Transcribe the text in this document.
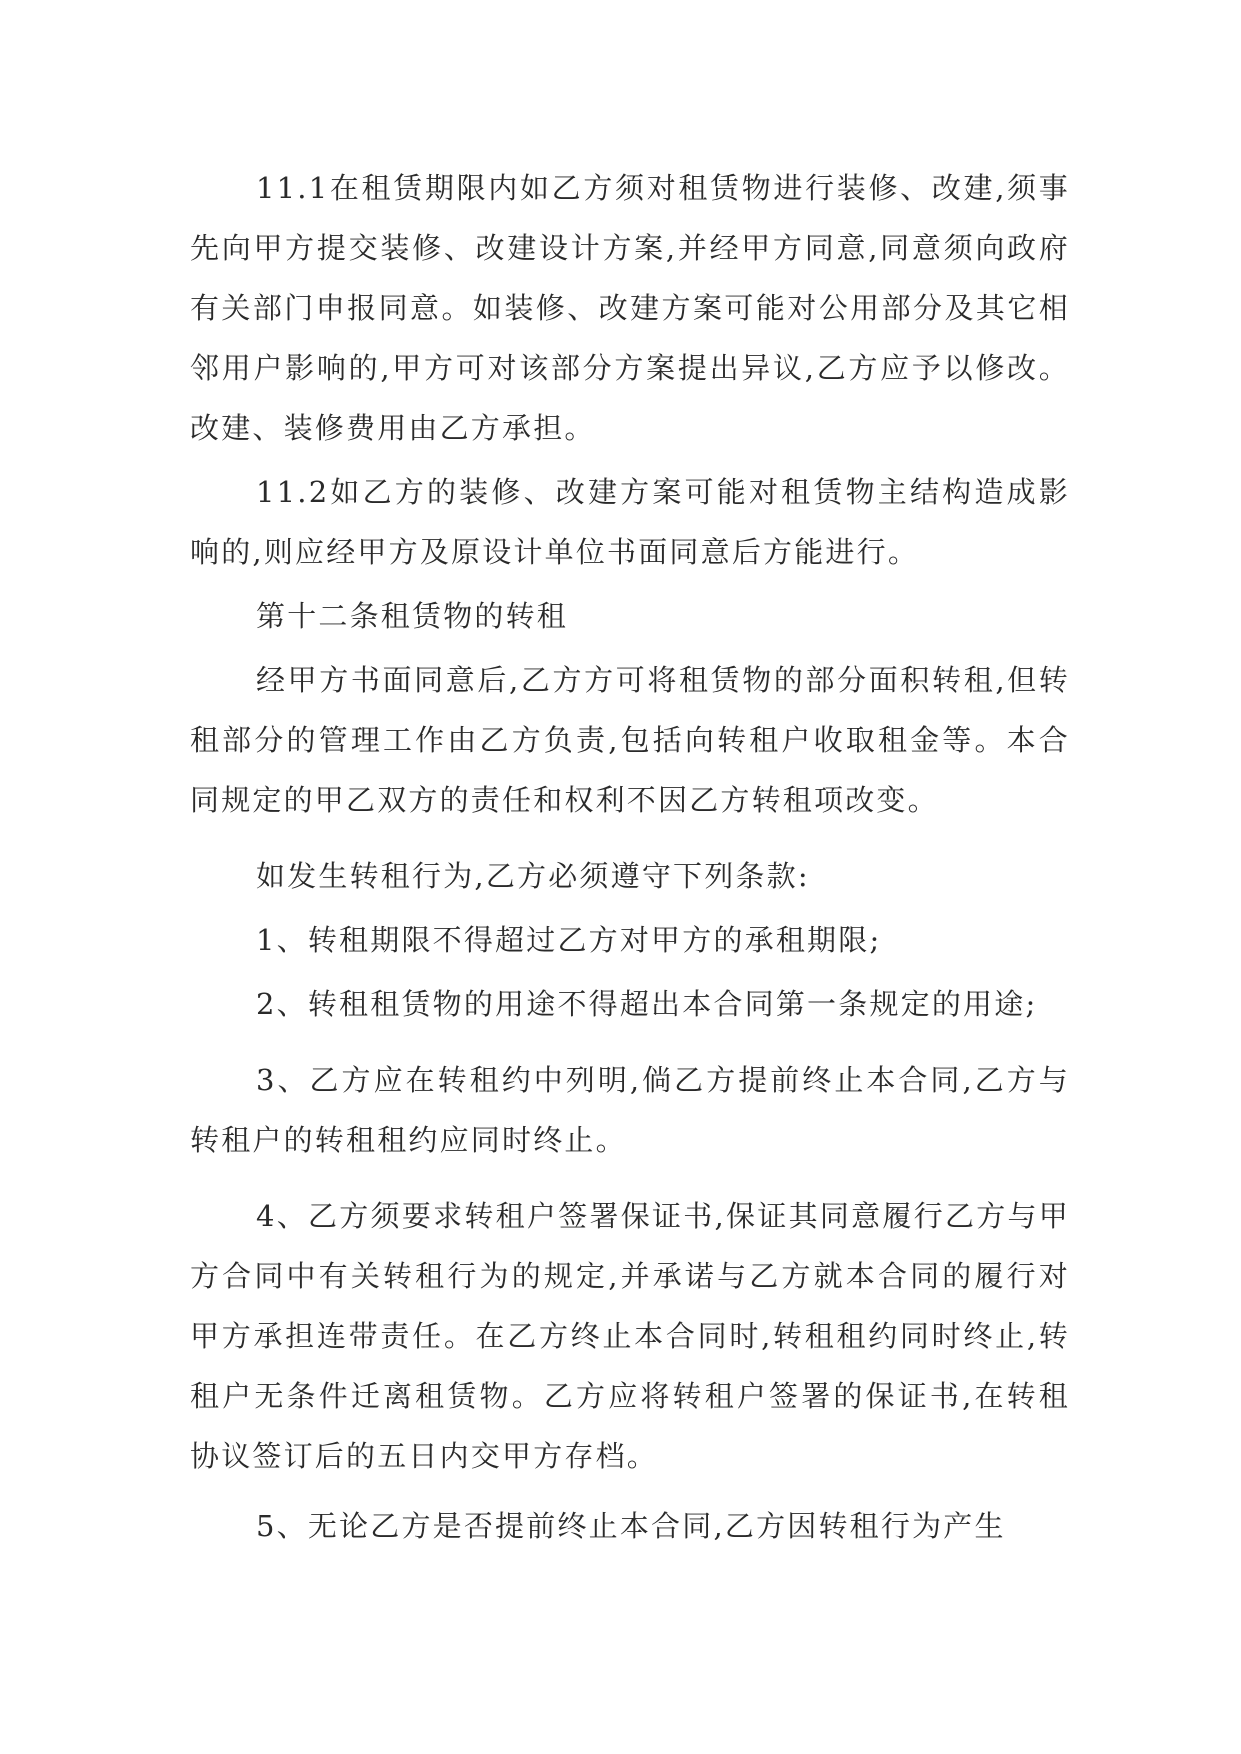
11.1在租赁期限内如乙方须对租赁物进行装修、改建,须事先向甲方提交装修、改建设计方案,并经甲方同意,同意须向政府有关部门申报同意。如装修、改建方案可能对公用部分及其它相邻用户影响的,甲方可对该部分方案提出异议,乙方应予以修改。改建、装修费用由乙方承担。

11.2如乙方的装修、改建方案可能对租赁物主结构造成影响的,则应经甲方及原设计单位书面同意后方能进行。

第十二条租赁物的转租

经甲方书面同意后,乙方方可将租赁物的部分面积转租,但转租部分的管理工作由乙方负责,包括向转租户收取租金等。本合同规定的甲乙双方的责任和权利不因乙方转租项改变。

如发生转租行为,乙方必须遵守下列条款:

1、转租期限不得超过乙方对甲方的承租期限;

2、转租租赁物的用途不得超出本合同第一条规定的用途;

3、乙方应在转租约中列明,倘乙方提前终止本合同,乙方与转租户的转租租约应同时终止。

4、乙方须要求转租户签署保证书,保证其同意履行乙方与甲方合同中有关转租行为的规定,并承诺与乙方就本合同的履行对甲方承担连带责任。在乙方终止本合同时,转租租约同时终止,转租户无条件迁离租赁物。乙方应将转租户签署的保证书,在转租协议签订后的五日内交甲方存档。

5、无论乙方是否提前终止本合同,乙方因转租行为产生
